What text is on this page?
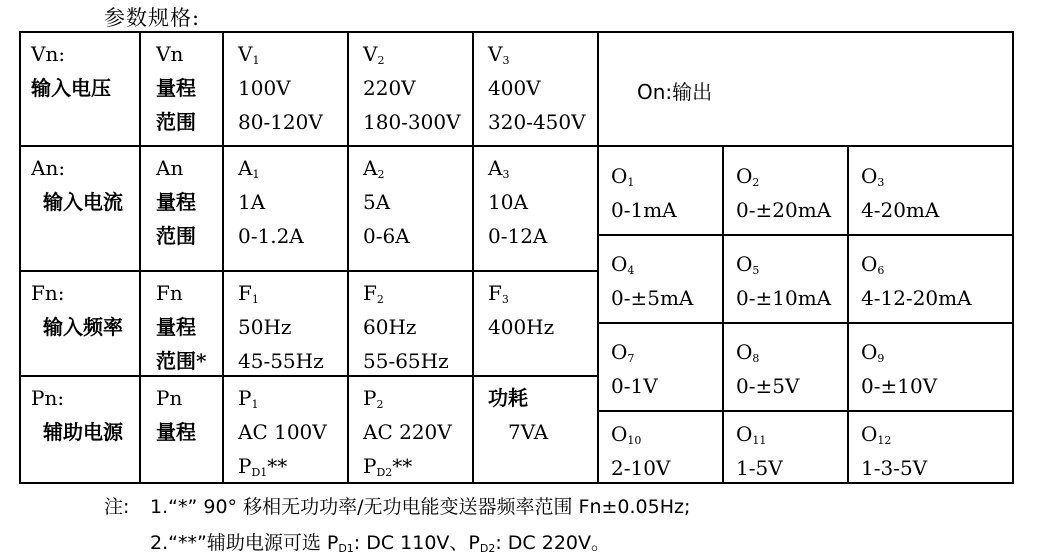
参数规格:
Vn:
输入电压
Vn
量程
范围
$V_1$
100V
80-120V
$V_2$
220V
180-300V
$V_3$
400V
320-450V
On:输出
An:
输入电流
An
量程
范围
$A_1$
1A
0-1.2A
$A_2$
5A
0-6A
$A_3$
10A
0-12A
Fn:
输入频率
Fn
量程
范围*
$F_1$
50Hz
45-55Hz
$F_2$
60Hz
55-65Hz
$F_3$
400Hz
Pn:
辅助电源
Pn
量程
$P_1$
AC 100V
$P_{D1}**$
$P_2$
AC 220V
$P_{D2}**$
功耗
7VA
$O_1$
0-1mA
$O_2$
0-±20mA
$O_3$
4-20mA
$O_4$
0-±5mA
$O_5$
0-±10mA
$O_6$
4-12-20mA
$O_7$
0-1V
$O_8$
0-±5V
$O_9$
0-±10V
$O_{10}$
2-10V
$O_{11}$
1-5V
$O_{12}$
1-3-5V
注: 1.“*” 90° 移相无功功率/无功电能变送器频率范围 Fn±0.05Hz;
2.“**”辅助电源可选 $P_{D1}$: DC 110V、$P_{D2}$: DC 220V。
